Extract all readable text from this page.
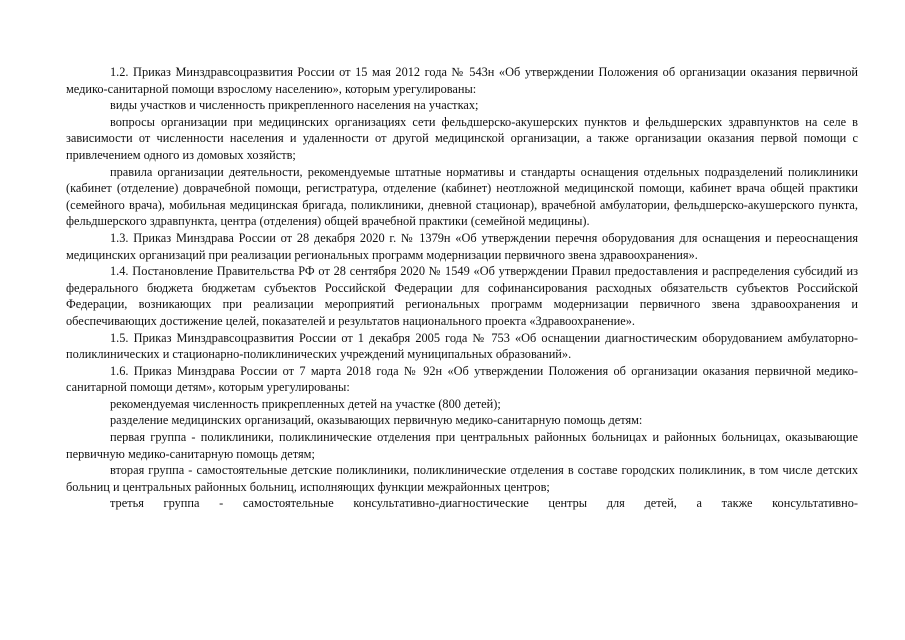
1.2. Приказ Минздравсоцразвития России от 15 мая 2012 года № 543н «Об утверждении Положения об организации оказания первичной медико-санитарной помощи взрослому населению», которым урегулированы:

виды участков и численность прикрепленного населения на участках;

вопросы организации при медицинских организациях сети фельдшерско-акушерских пунктов и фельдшерских здравпунктов на селе в зависимости от численности населения и удаленности от другой медицинской организации, а также организации оказания первой помощи с привлечением одного из домовых хозяйств;

правила организации деятельности, рекомендуемые штатные нормативы и стандарты оснащения отдельных подразделений поликлиники (кабинет (отделение) доврачебной помощи, регистратура, отделение (кабинет) неотложной медицинской помощи, кабинет врача общей практики (семейного врача), мобильная медицинская бригада, поликлиники, дневной стационар), врачебной амбулатории, фельдшерско-акушерского пункта, фельдшерского здравпункта, центра (отделения) общей врачебной практики (семейной медицины).

1.3. Приказ Минздрава России от 28 декабря 2020 г. № 1379н «Об утверждении перечня оборудования для оснащения и переоснащения медицинских организаций при реализации региональных программ модернизации первичного звена здравоохранения».

1.4. Постановление Правительства РФ от 28 сентября 2020 № 1549 «Об утверждении Правил предоставления и распределения субсидий из федерального бюджета бюджетам субъектов Российской Федерации для софинансирования расходных обязательств субъектов Российской Федерации, возникающих при реализации мероприятий региональных программ модернизации первичного звена здравоохранения и обеспечивающих достижение целей, показателей и результатов национального проекта «Здравоохранение».

1.5. Приказ Минздравсоцразвития России от 1 декабря 2005 года № 753 «Об оснащении диагностическим оборудованием амбулаторно-поликлинических и стационарно-поликлинических учреждений муниципальных образований».

1.6. Приказ Минздрава России от 7 марта 2018 года № 92н «Об утверждении Положения об организации оказания первичной медико-санитарной помощи детям», которым урегулированы:

рекомендуемая численность прикрепленных детей на участке (800 детей);

разделение медицинских организаций, оказывающих первичную медико-санитарную помощь детям:

первая группа - поликлиники, поликлинические отделения при центральных районных больницах и районных больницах, оказывающие первичную медико-санитарную помощь детям;

вторая группа - самостоятельные детские поликлиники, поликлинические отделения в составе городских поликлиник, в том числе детских больниц и центральных районных больниц, исполняющих функции межрайонных центров;

третья группа - самостоятельные консультативно-диагностические центры для детей, а также консультативно-
